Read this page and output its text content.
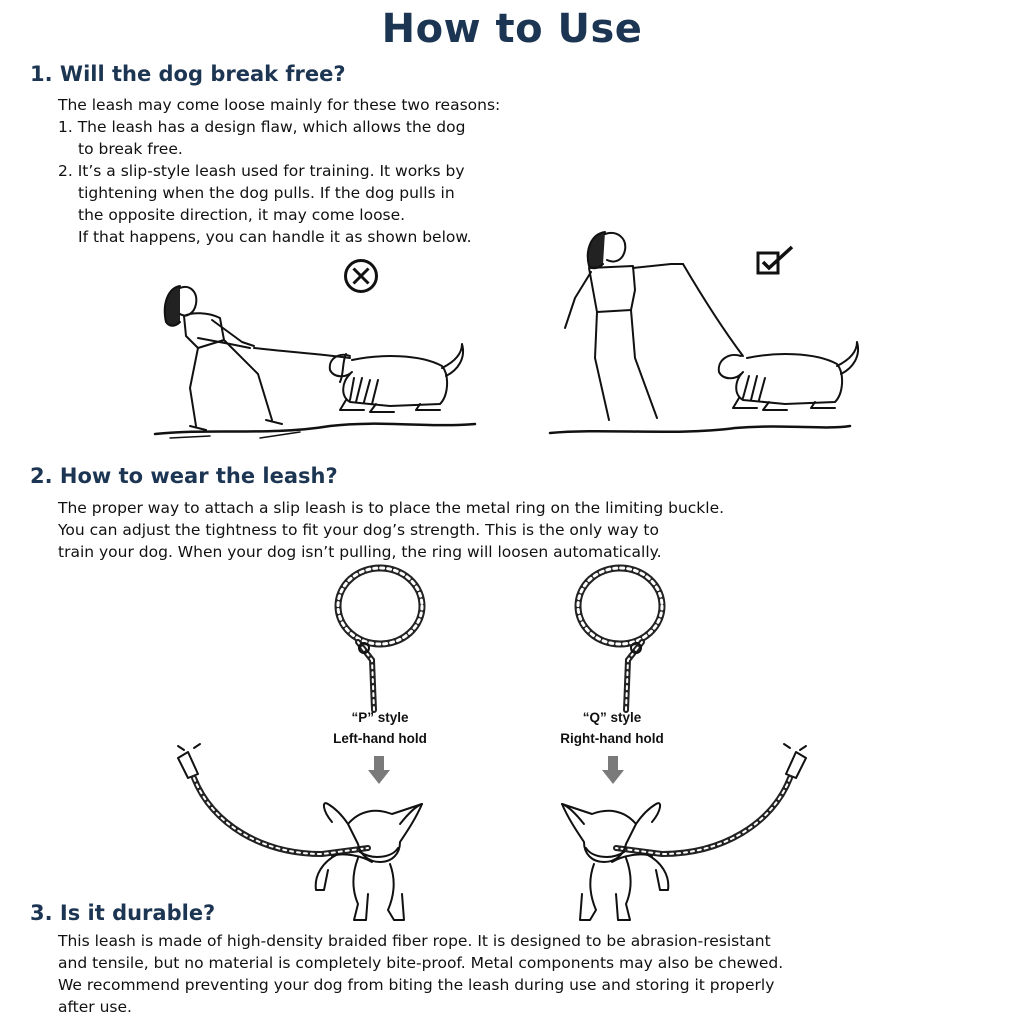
How to Use
1. Will the dog break free?
The leash may come loose mainly for these two reasons:
1. The leash has a design flaw, which allows the dog
to break free.
2. It’s a slip-style leash used for training. It works by
tightening when the dog pulls. If the dog pulls in
the opposite direction, it may come loose.
If that happens, you can handle it as shown below.
2. How to wear the leash?
The proper way to attach a slip leash is to place the metal ring on the limiting buckle.
You can adjust the tightness to fit your dog’s strength. This is the only way to
train your dog. When your dog isn’t pulling, the ring will loosen automatically.
“P” style
Left-hand hold
“Q” style
Right-hand hold
3. Is it durable?
This leash is made of high-density braided fiber rope. It is designed to be abrasion-resistant
and tensile, but no material is completely bite-proof. Metal components may also be chewed.
We recommend preventing your dog from biting the leash during use and storing it properly
after use.
